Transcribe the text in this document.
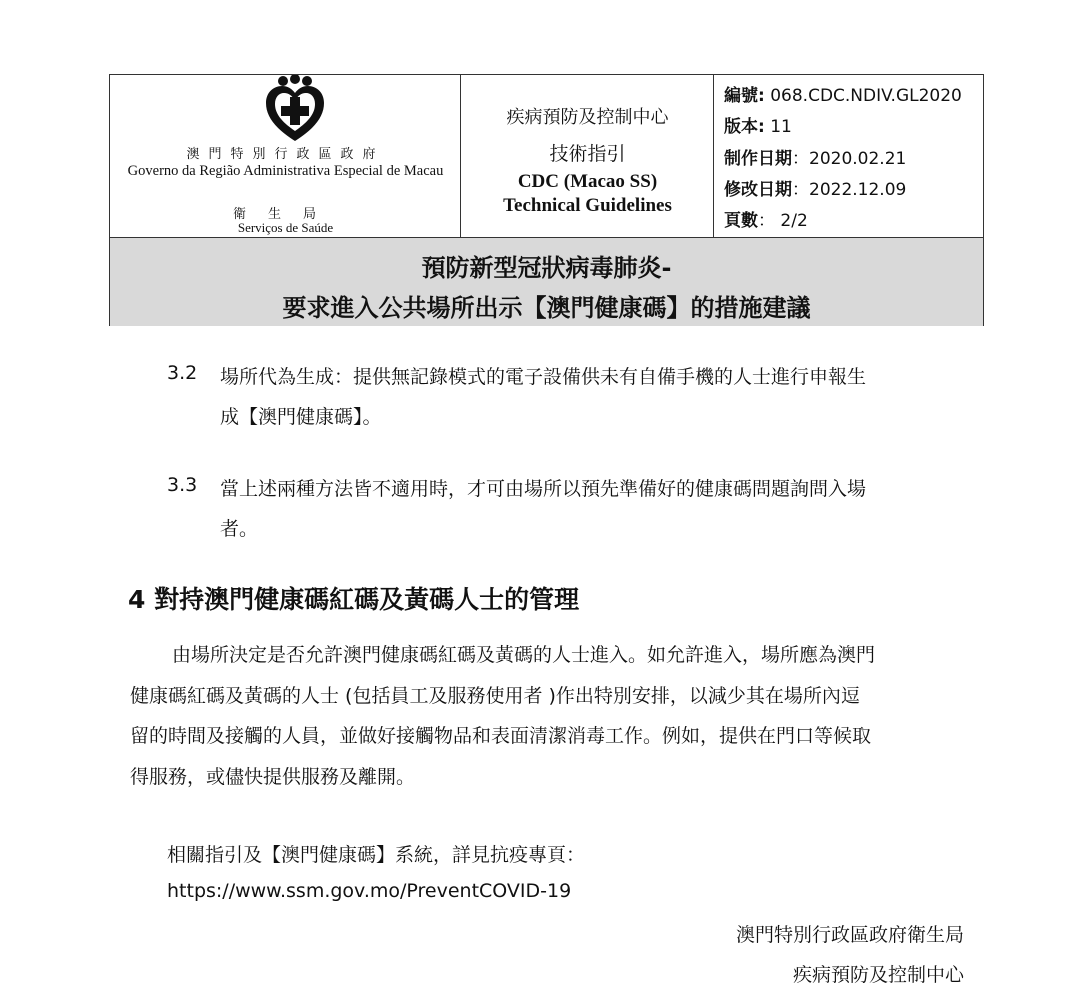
澳門特別行政區政府
Governo da Região Administrativa Especial de Macau
衛生局
Serviços de Saúde
疾病預防及控制中心
技術指引
CDC (Macao SS)
Technical Guidelines
編號: 068.CDC.NDIV.GL2020
版本: 11
制作日期：2020.02.21
修改日期：2022.12.09
頁數： 2/2
預防新型冠狀病毒肺炎-
要求進入公共場所出示【澳門健康碼】的措施建議
3.2 場所代為生成：提供無記錄模式的電子設備供未有自備手機的人士進行申報生
成【澳門健康碼】。
3.3 當上述兩種方法皆不適用時，才可由場所以預先準備好的健康碼問題詢問入場
者。
4 對持澳門健康碼紅碼及黃碼人士的管理
由場所決定是否允許澳門健康碼紅碼及黃碼的人士進入。如允許進入，場所應為澳門
健康碼紅碼及黃碼的人士 (包括員工及服務使用者 )作出特別安排，以減少其在場所內逗
留的時間及接觸的人員，並做好接觸物品和表面清潔消毒工作。例如，提供在門口等候取
得服務，或儘快提供服務及離開。
相關指引及【澳門健康碼】系統，詳見抗疫專頁：
https://www.ssm.gov.mo/PreventCOVID-19
澳門特別行政區政府衛生局
疾病預防及控制中心
